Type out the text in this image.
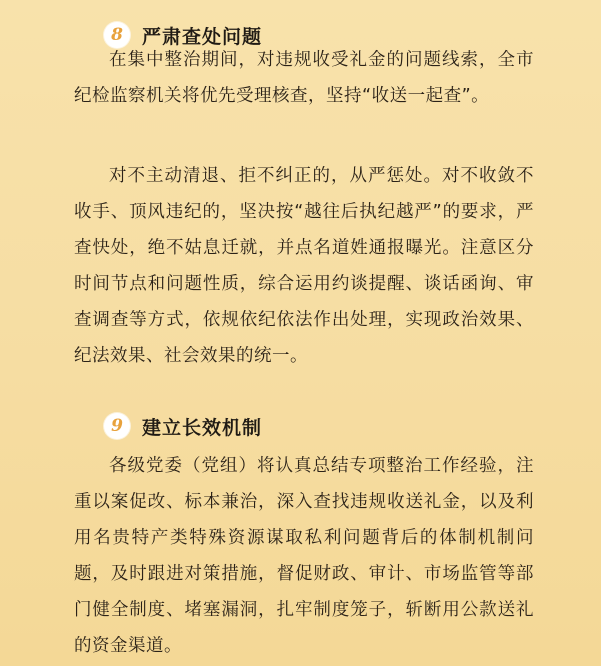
8	严肃查处问题

在集中整治期间，对违规收受礼金的问题线索，全市纪检监察机关将优先受理核查，坚持“收送一起查”。

对不主动清退、拒不纠正的，从严惩处。对不收敛不收手、顶风违纪的，坚决按“越往后执纪越严”的要求，严查快处，绝不姑息迁就，并点名道姓通报曝光。注意区分时间节点和问题性质，综合运用约谈提醒、谈话函询、审查调查等方式，依规依纪依法作出处理，实现政治效果、纪法效果、社会效果的统一。

9	建立长效机制

各级党委（党组）将认真总结专项整治工作经验，注重以案促改、标本兼治，深入查找违规收送礼金，以及利用名贵特产类特殊资源谋取私利问题背后的体制机制问题，及时跟进对策措施，督促财政、审计、市场监管等部门健全制度、堵塞漏洞，扎牢制度笼子，斩断用公款送礼的资金渠道。
